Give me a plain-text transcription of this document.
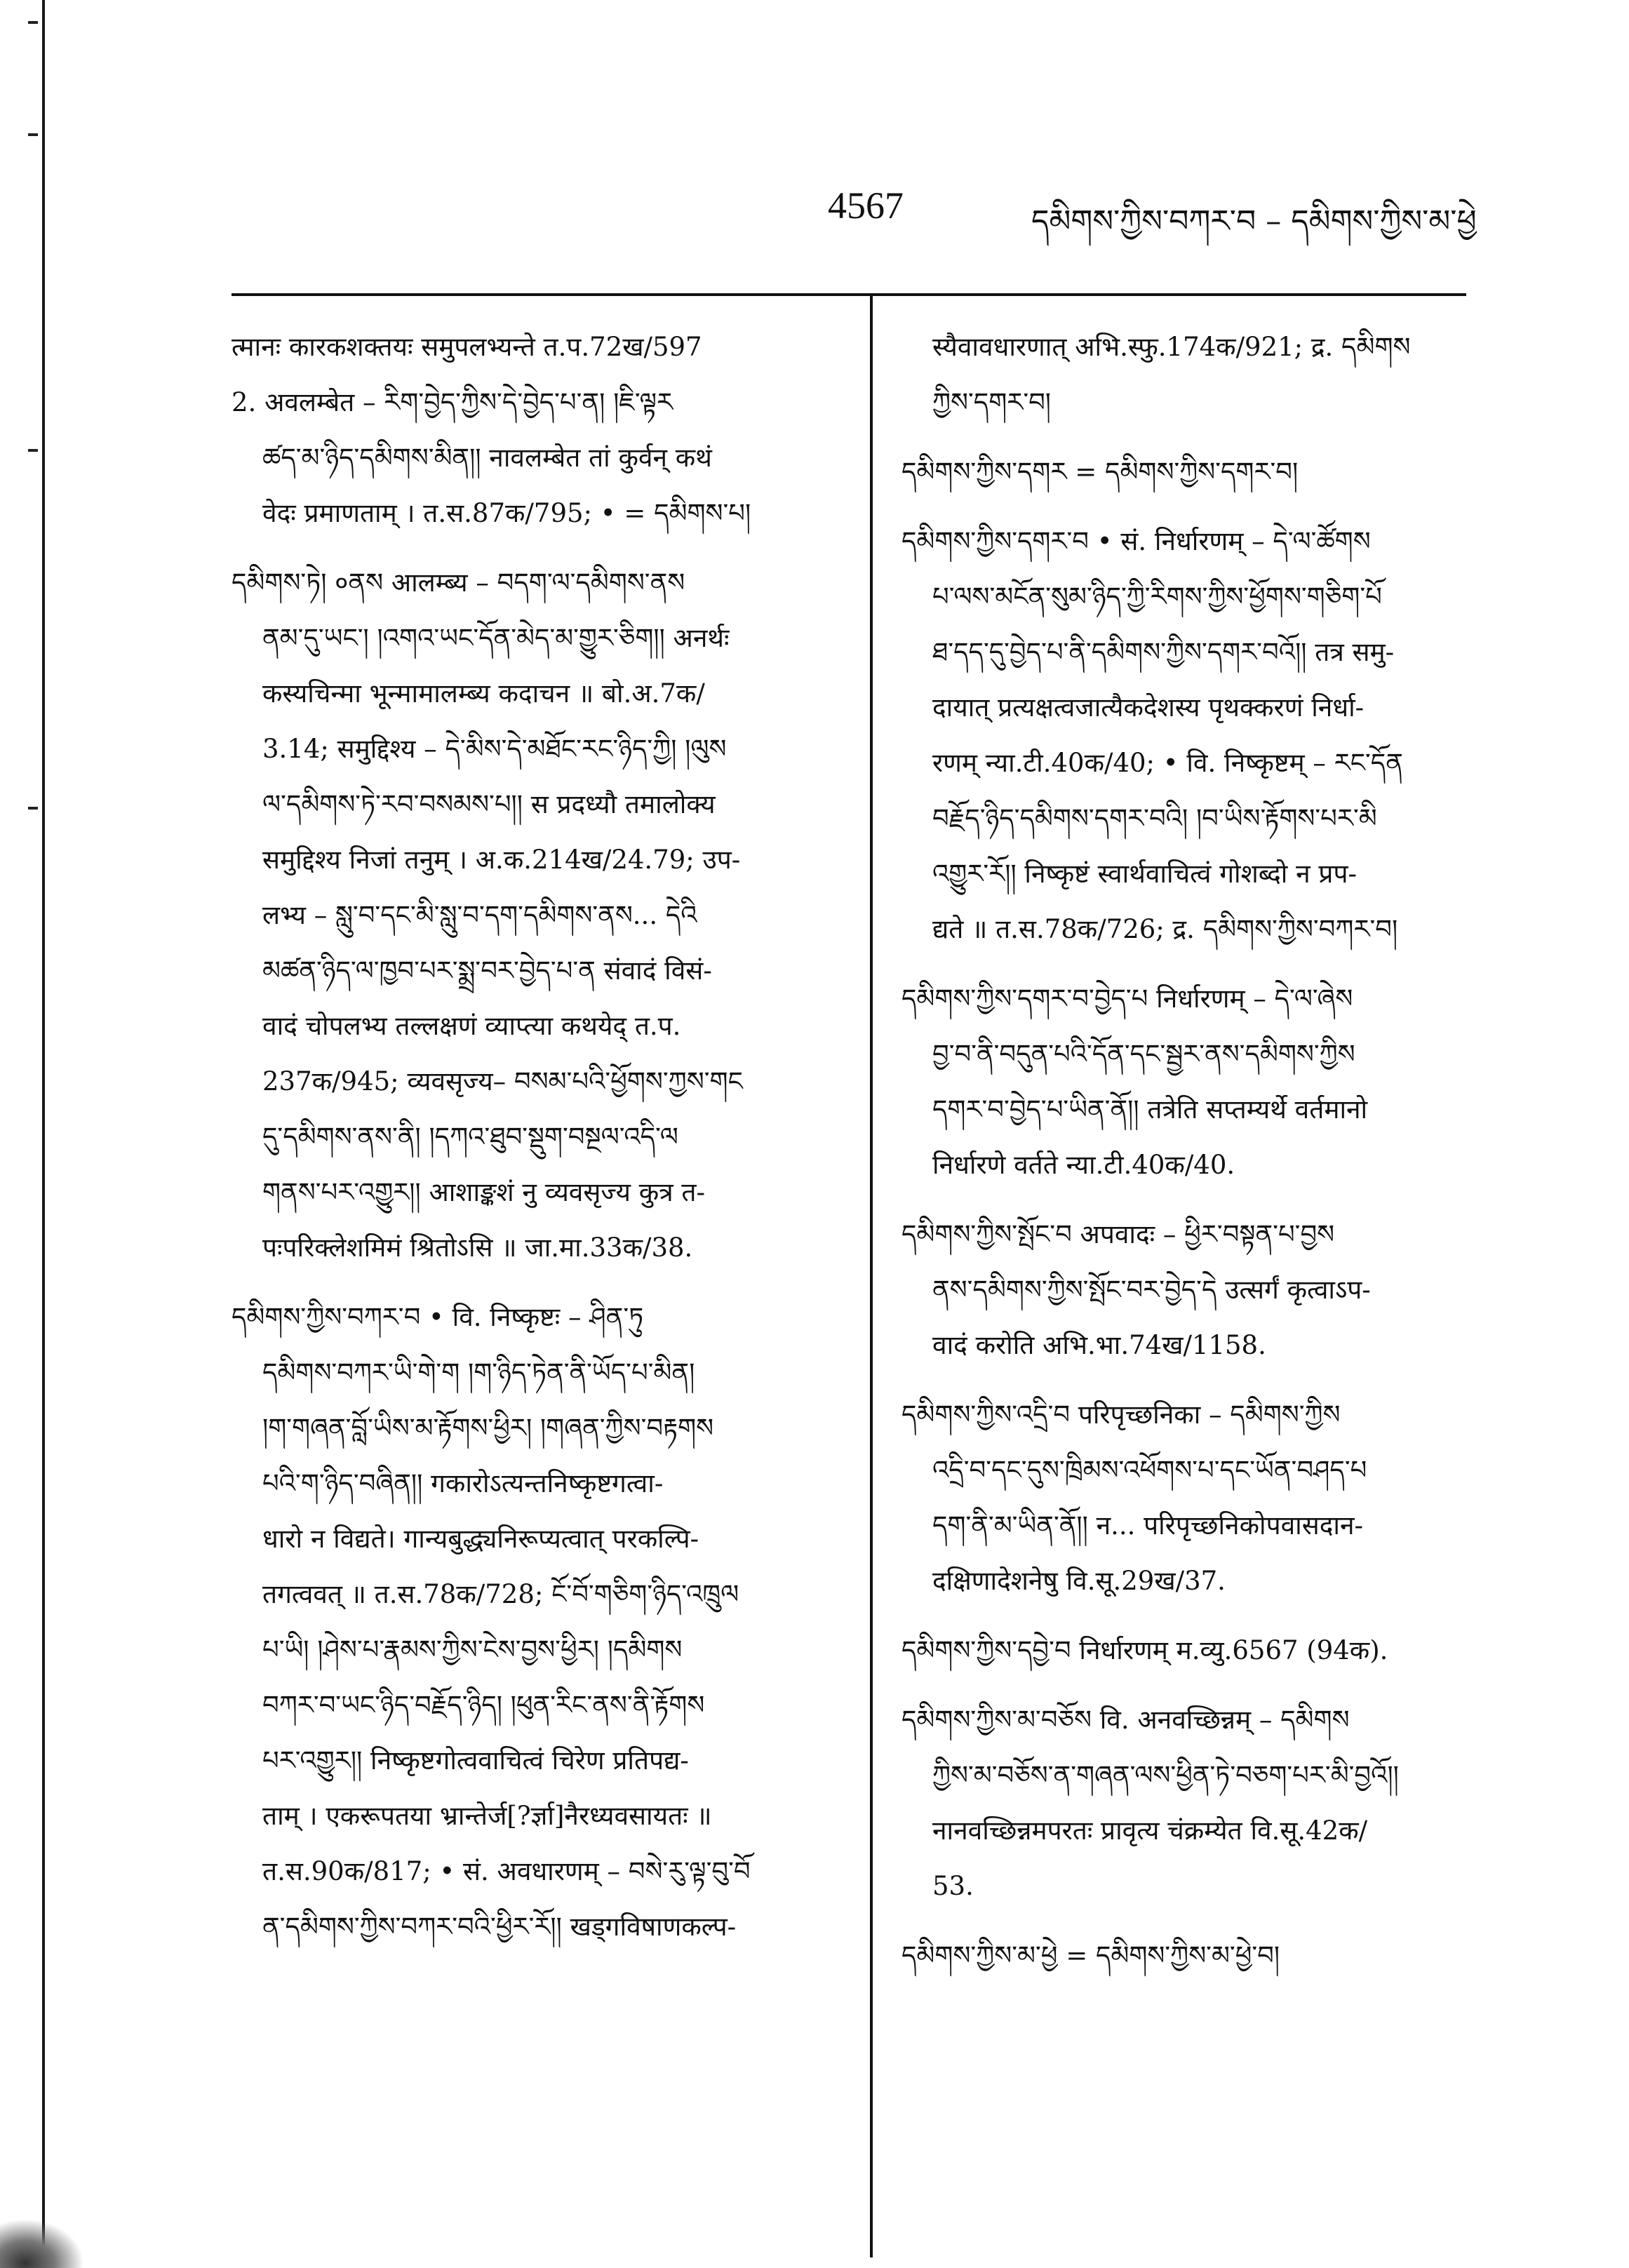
4567	དམིགས་ཀྱིས་བཀར་བ – དམིགས་ཀྱིས་མ་ཕྱེ
त्मानः कारकशक्तयः समुपलभ्यन्ते त.प.72ख/597
2. अवलम्बेत – རིག་བྱེད་ཀྱིས་དེ་བྱེད་པ་ན། །ཇི་ལྟར
ཚད་མ་ཉིད་དམིགས་མིན།། नावलम्बेत तां कुर्वन् कथं
वेदः प्रमाणताम् । त.स.87क/795; • = དམིགས་པ།
དམིགས་ཏེ། ०ནས आलम्ब्य – བདག་ལ་དམིགས་ནས
ནམ་དུ་ཡང་། །འགའ་ཡང་དོན་མེད་མ་གྱུར་ཅིག།། अनर्थः
कस्यचिन्मा भून्मामालम्ब्य कदाचन ॥ बो.अ.7क/
3.14; समुद्दिश्य – དེ་མིས་དེ་མཐོང་རང་ཉིད་ཀྱི། །ལུས
ལ་དམིགས་ཏེ་རབ་བསམས་པ།། स प्रदध्यौ तमालोक्य
समुद्दिश्य निजां तनुम् । अ.क.214ख/24.79; उप-
लभ्य – སླུ་བ་དང་མི་སླུ་བ་དག་དམིགས་ནས... དེའི
མཚན་ཉིད་ལ་ཁྱབ་པར་སྨྲ་བར་བྱེད་པ་ན संवादं विसं-
वादं चोपलभ्य तल्लक्षणं व्याप्त्या कथयेद् त.प.
237क/945; व्यवसृज्य– བསམ་པའི་ཕྱོགས་ཀྱས་གང
དུ་དམིགས་ནས་ནི། །དཀའ་ཐུབ་སྡུག་བསྔལ་འདི་ལ
གནས་པར་འགྱུར།། आशाङ्कशं नु व्यवसृज्य कुत्र त-
पःपरिक्लेशमिमं श्रितोऽसि ॥ जा.मा.33क/38.
དམིགས་ཀྱིས་བཀར་བ • वि. निष्कृष्टः – ཤིན་ཏུ
དམིགས་བཀར་ཡི་གེ་ག །ག་ཉིད་ཏེན་ནི་ཡོད་པ་མིན།
།ག་གཞན་བློ་ཡིས་མ་རྟོགས་ཕྱིར། །གཞན་ཀྱིས་བརྟགས
པའི་ག་ཉིད་བཞིན།། गकारोऽत्यन्तनिष्कृष्टगत्वा-
धारो न विद्यते। गान्यबुद्ध्यनिरूप्यत्वात् परकल्पि-
तगत्ववत् ॥ त.स.78क/728; ངོ་བོ་གཅིག་ཉིད་འཁྲུལ
པ་ཡི། །ཤེས་པ་རྣམས་ཀྱིས་ངེས་བྱས་ཕྱིར། །དམིགས
བཀར་བ་ཡང་ཉིད་བརྗོད་ཉིད། །ཕུན་རིང་ནས་ནི་རྟོགས
པར་འགྱུར།། निष्कृष्टगोत्ववाचित्वं चिरेण प्रतिपद्य-
ताम् । एकरूपतया भ्रान्तेर्ज[?र्ज्ञा]नैरध्यवसायतः ॥
त.स.90क/817; • सं. अवधारणम् – བསེ་རུ་ལྟ་བུ་བོ
ན་དམིགས་ཀྱིས་བཀར་བའི་ཕྱིར་རོ།། खड्गविषाणकल्प-
स्यैवावधारणात् अभि.स्फु.174क/921; द्र. དམིགས
ཀྱིས་དགར་བ།
དམིགས་ཀྱིས་དགར = དམིགས་ཀྱིས་དགར་བ།
དམིགས་ཀྱིས་དགར་བ • सं. निर्धारणम् – དེ་ལ་ཚོགས
པ་ལས་མངོན་སུམ་ཉིད་ཀྱི་རིགས་ཀྱིས་ཕྱོགས་གཅིག་པོ
ཐ་དད་དུ་བྱེད་པ་ནི་དམིགས་ཀྱིས་དགར་བའོ།། तत्र समु-
दायात् प्रत्यक्षत्वजात्यैकदेशस्य पृथक्करणं निर्धा-
रणम् न्या.टी.40क/40; • वि. निष्कृष्टम् – རང་དོན
བརྗོད་ཉིད་དམིགས་དགར་བའི། །བ་ཡིས་རྟོགས་པར་མི
འགྱུར་རོ།། निष्कृष्टं स्वार्थवाचित्वं गोशब्दो न प्रप-
द्यते ॥ त.स.78क/726; द्र. དམིགས་ཀྱིས་བཀར་བ།
དམིགས་ཀྱིས་དགར་བ་བྱེད་པ निर्धारणम् – དེ་ལ་ཞེས
བྱ་བ་ནི་བདུན་པའི་དོན་དང་སྦྱར་ནས་དམིགས་ཀྱིས
དགར་བ་བྱེད་པ་ཡིན་ནོ།། तत्रेति सप्तम्यर्थे वर्तमानो
निर्धारणे वर्तते न्या.टी.40क/40.
དམིགས་ཀྱིས་སྤོང་བ अपवादः – ཕྱིར་བསྟན་པ་བྱས
ནས་དམིགས་ཀྱིས་སྤོང་བར་བྱེད་དེ उत्सर्गं कृत्वाऽप-
वादं करोति अभि.भा.74ख/1158.
དམིགས་ཀྱིས་འདྲི་བ परिपृच्छनिका – དམིགས་ཀྱིས
འདྲི་བ་དང་དུས་ཁྲིམས་འཕོགས་པ་དང་ཡོན་བཤད་པ
དག་ནི་མ་ཡིན་ནོ།། न... परिपृच्छनिकोपवासदान-
दक्षिणादेशनेषु वि.सू.29ख/37.
དམིགས་ཀྱིས་དབྱེ་བ निर्धारणम् म.व्यु.6567 (94क).
དམིགས་ཀྱིས་མ་བཅོས वि. अनवच्छिन्नम् – དམིགས
ཀྱིས་མ་བཅོས་ན་གཞན་ལས་ཕྱིན་ཏེ་བཅག་པར་མི་བྱའོ།།
नानवच्छिन्नमपरतः प्रावृत्य चंक्रम्येत वि.सू.42क/
53.
དམིགས་ཀྱིས་མ་ཕྱེ = དམིགས་ཀྱིས་མ་ཕྱེ་བ།
